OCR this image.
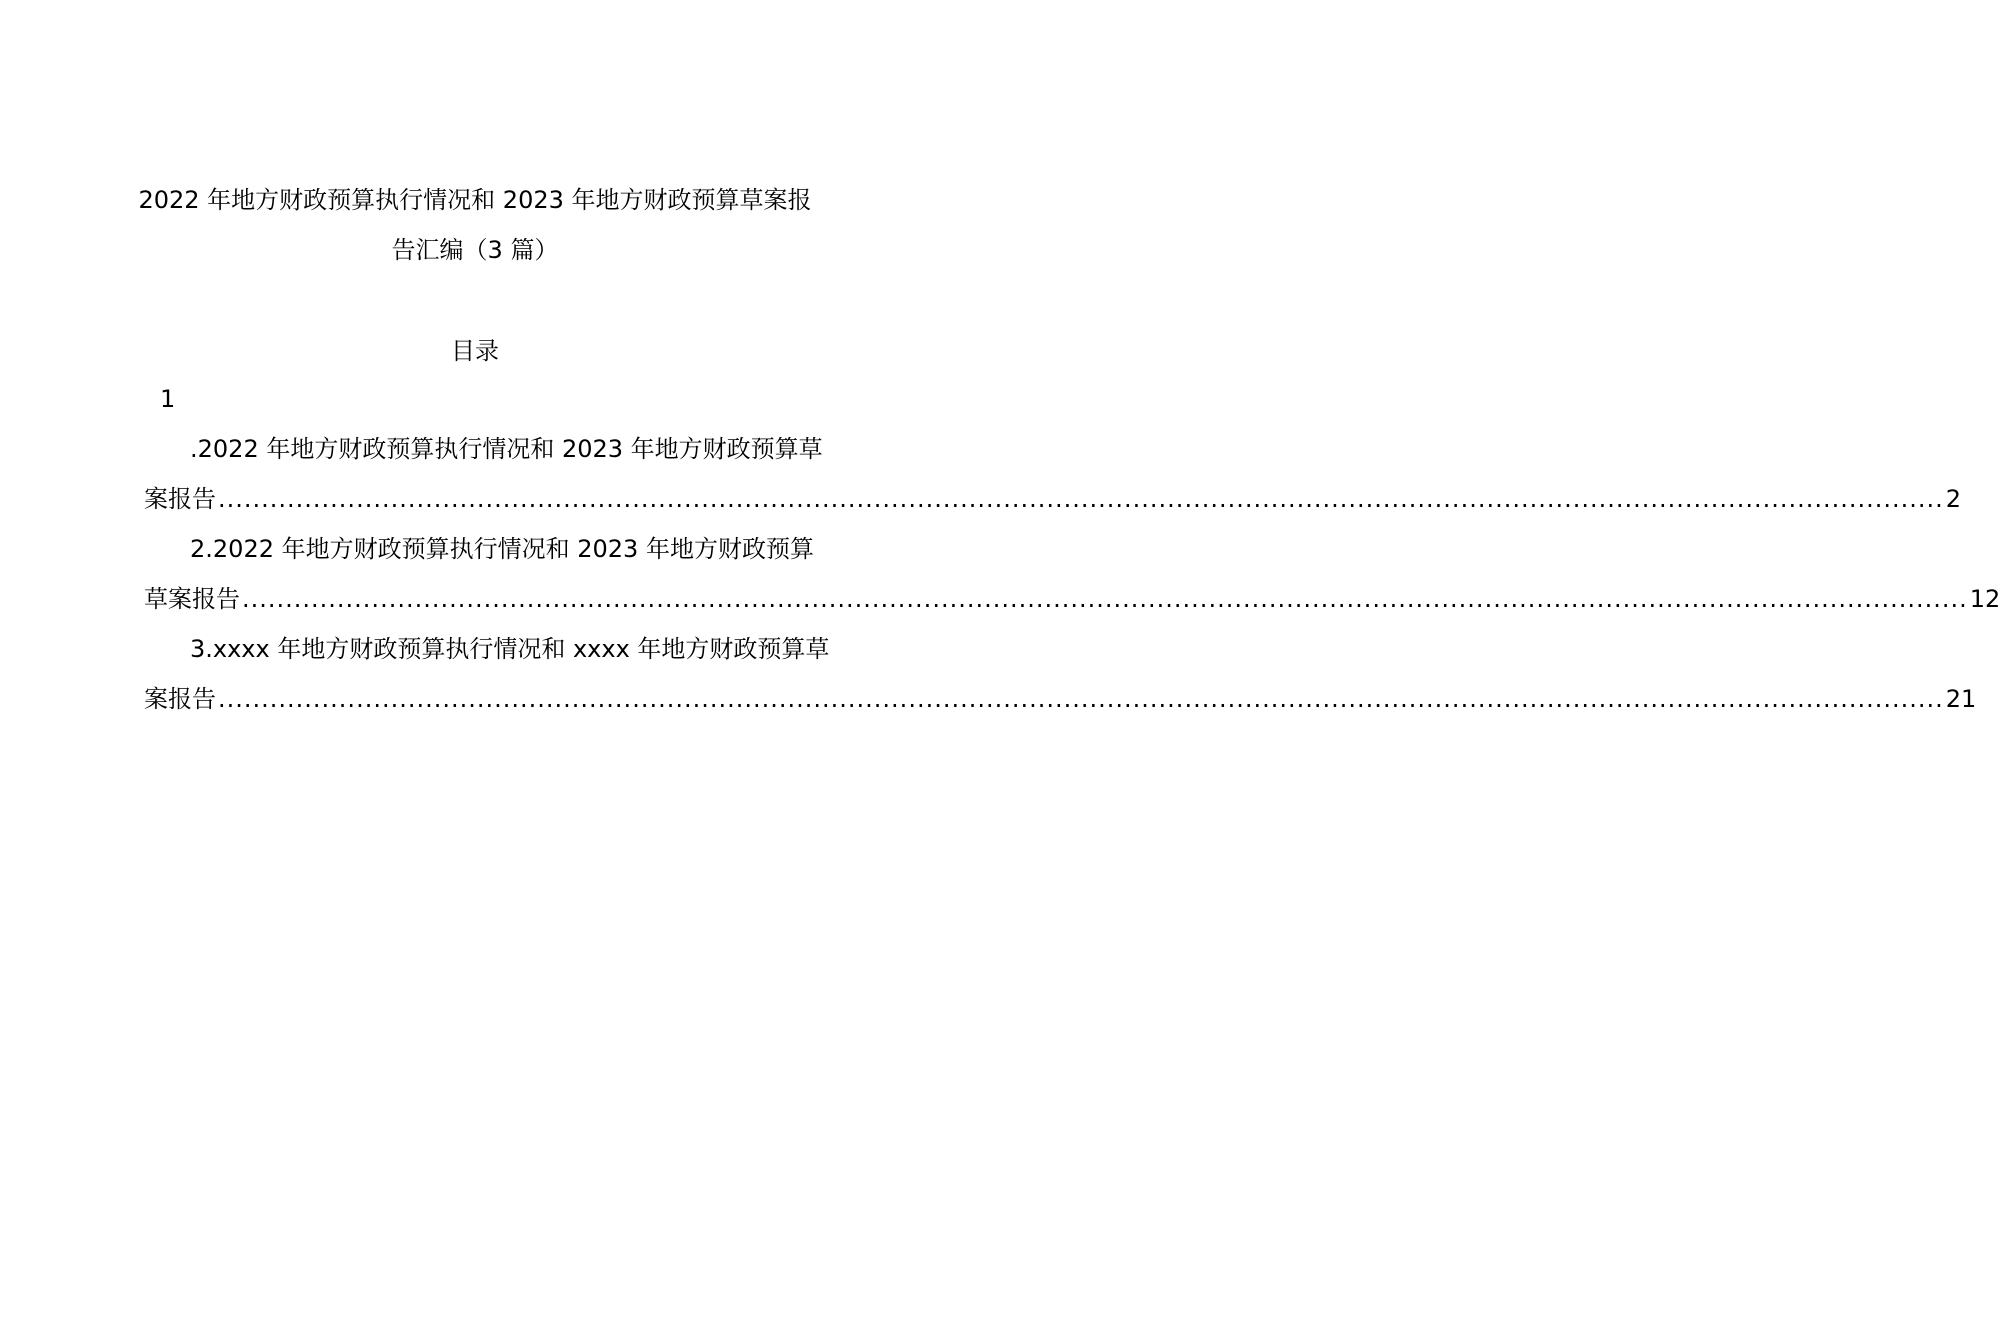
2022 年地方财政预算执行情况和 2023 年地方财政预算草案报
告汇编（3 篇）
目录
1
.2022 年地方财政预算执行情况和 2023 年地方财政预算草
案报告 ........................................................................................................................................................................................................ 2
2.2022 年地方财政预算执行情况和 2023 年地方财政预算
草案报告 ........................................................................................................................................................................................................ 12
3.xxxx 年地方财政预算执行情况和 xxxx 年地方财政预算草
案报告 ........................................................................................................................................................................................................ 21
